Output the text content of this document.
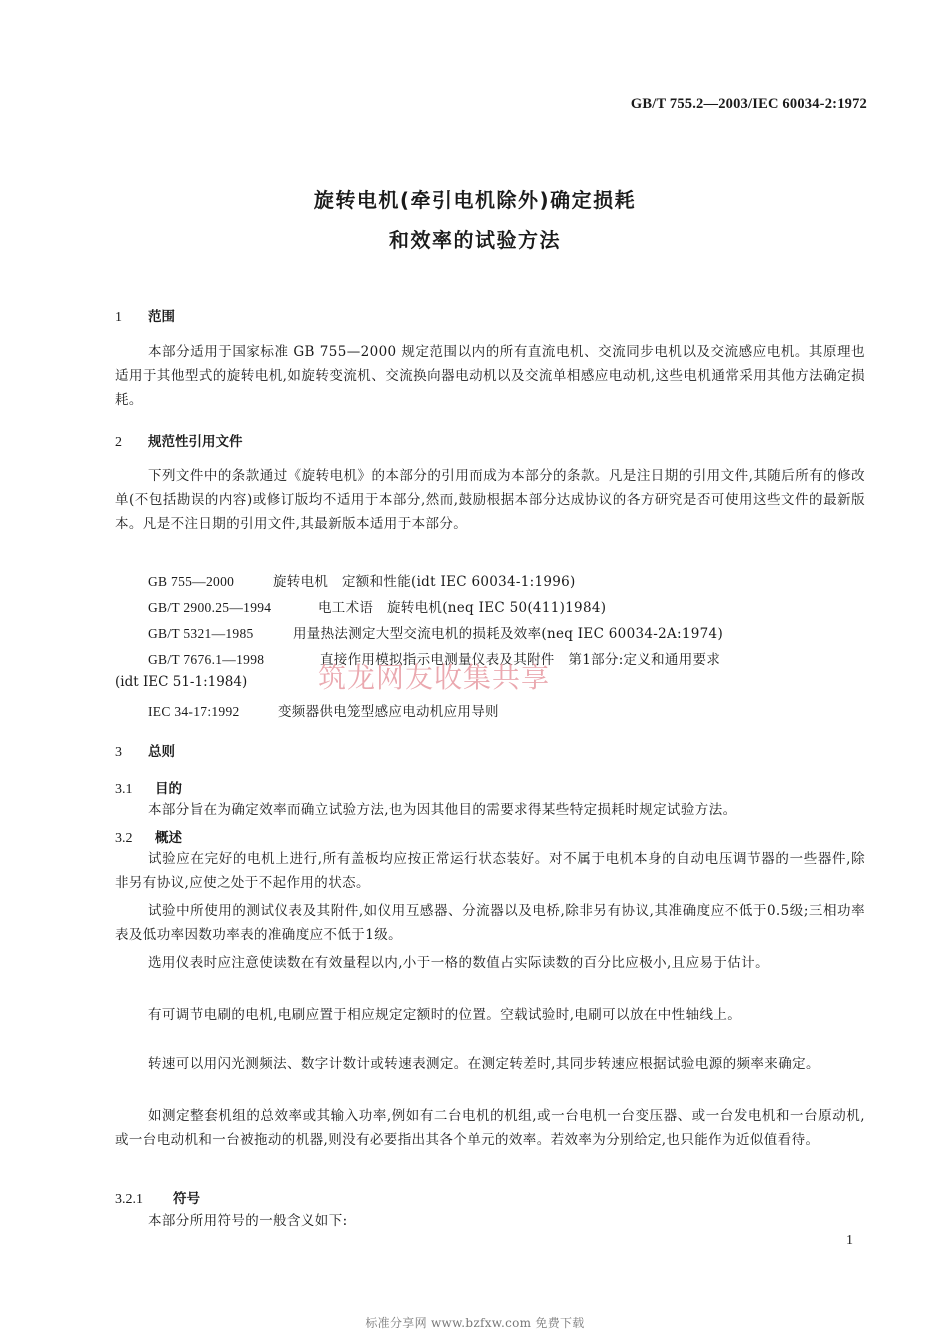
GB/T 755.2—2003/IEC 60034-2:1972
旋转电机(牵引电机除外)确定损耗
和效率的试验方法
1 范围
本部分适用于国家标准 GB 755—2000 规定范围以内的所有直流电机、交流同步电机以及交流感应电机。其原理也适用于其他型式的旋转电机,如旋转变流机、交流换向器电动机以及交流单相感应电动机,这些电机通常采用其他方法确定损耗。
2 规范性引用文件
下列文件中的条款通过《旋转电机》的本部分的引用而成为本部分的条款。凡是注日期的引用文件,其随后所有的修改单(不包括勘误的内容)或修订版均不适用于本部分,然而,鼓励根据本部分达成协议的各方研究是否可使用这些文件的最新版本。凡是不注日期的引用文件,其最新版本适用于本部分。
GB 755—2000	旋转电机　定额和性能(idt IEC 60034-1:1996)
GB/T 2900.25—1994	电工术语　旋转电机(neq IEC 50(411)1984)
GB/T 5321—1985	用量热法测定大型交流电机的损耗及效率(neq IEC 60034-2A:1974)
GB/T 7676.1—1998	直接作用模拟指示电测量仪表及其附件　第1部分:定义和通用要求
(idt IEC 51-1:1984)
IEC 34-17:1992	变频器供电笼型感应电动机应用导则
3 总则
3.1 目的
本部分旨在为确定效率而确立试验方法,也为因其他目的需要求得某些特定损耗时规定试验方法。
3.2 概述
试验应在完好的电机上进行,所有盖板均应按正常运行状态装好。对不属于电机本身的自动电压调节器的一些器件,除非另有协议,应使之处于不起作用的状态。
试验中所使用的测试仪表及其附件,如仪用互感器、分流器以及电桥,除非另有协议,其准确度应不低于0.5级;三相功率表及低功率因数功率表的准确度应不低于1级。
选用仪表时应注意使读数在有效量程以内,小于一格的数值占实际读数的百分比应极小,且应易于估计。
有可调节电刷的电机,电刷应置于相应规定定额时的位置。空载试验时,电刷可以放在中性轴线上。
转速可以用闪光测频法、数字计数计或转速表测定。在测定转差时,其同步转速应根据试验电源的频率来确定。
如测定整套机组的总效率或其输入功率,例如有二台电机的机组,或一台电机一台变压器、或一台发电机和一台原动机,或一台电动机和一台被拖动的机器,则没有必要指出其各个单元的效率。若效率为分别给定,也只能作为近似值看待。
3.2.1 符号
本部分所用符号的一般含义如下:
筑龙网友收集共享
1
标准分享网 www.bzfxw.com 免费下载
